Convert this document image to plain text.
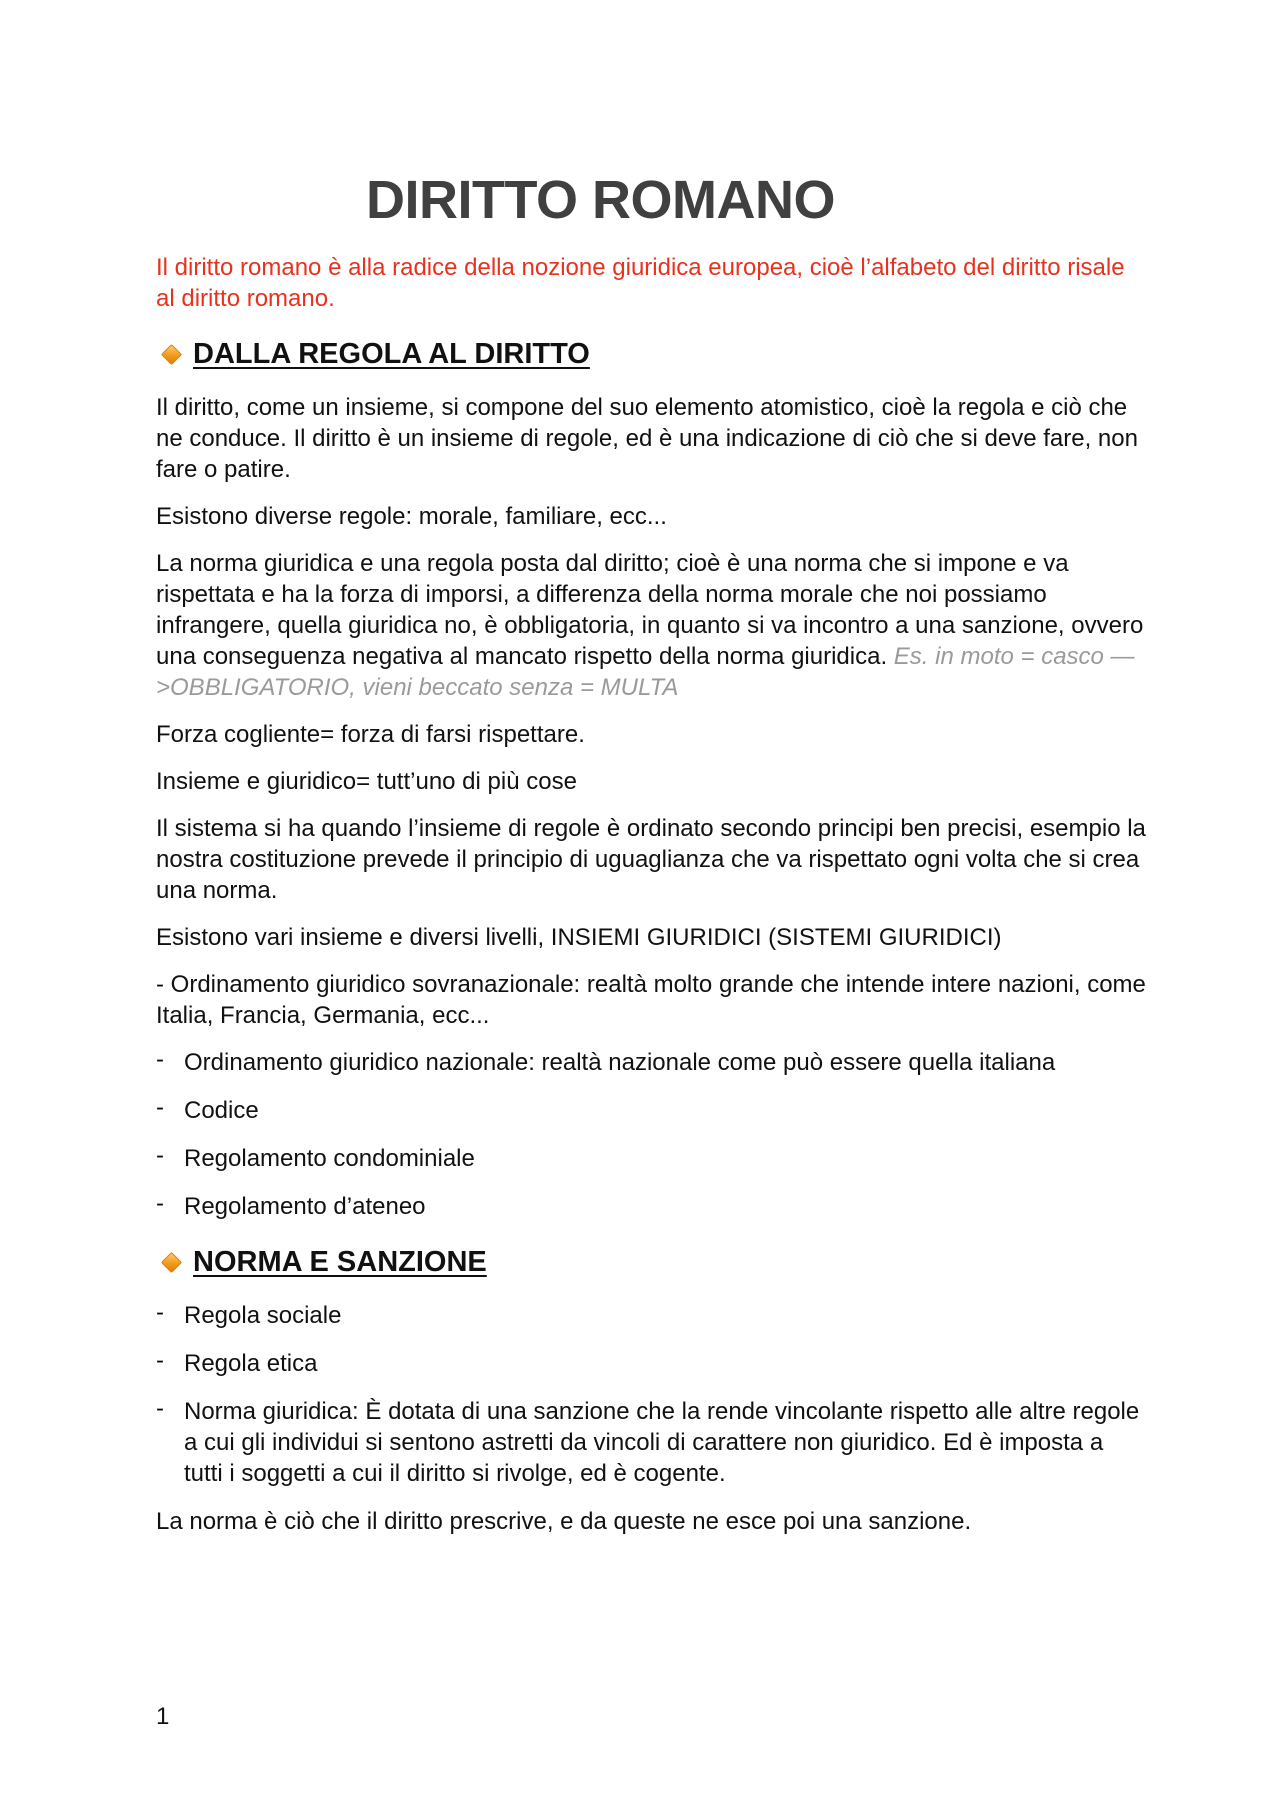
DIRITTO ROMANO

Il diritto romano è alla radice della nozione giuridica europea, cioè l’alfabeto del diritto risale al diritto romano.

DALLA REGOLA AL DIRITTO

Il diritto, come un insieme, si compone del suo elemento atomistico, cioè la regola e ciò che ne conduce. Il diritto è un insieme di regole, ed è una indicazione di ciò che si deve fare, non fare o patire.

Esistono diverse regole: morale, familiare, ecc...

La norma giuridica e una regola posta dal diritto; cioè è una norma che si impone e va rispettata e ha la forza di imporsi, a differenza della norma morale che noi possiamo infrangere, quella giuridica no, è obbligatoria, in quanto si va incontro a una sanzione, ovvero una conseguenza negativa al mancato rispetto della norma giuridica. Es. in moto = casco —>OBBLIGATORIO, vieni beccato senza = MULTA

Forza cogliente= forza di farsi rispettare.

Insieme e giuridico= tutt’uno di più cose

Il sistema si ha quando l’insieme di regole è ordinato secondo principi ben precisi, esempio la nostra costituzione prevede il principio di uguaglianza che va rispettato ogni volta che si crea una norma.

Esistono vari insieme e diversi livelli, INSIEMI GIURIDICI (SISTEMI GIURIDICI)

- Ordinamento giuridico sovranazionale: realtà molto grande che intende intere nazioni, come Italia, Francia, Germania, ecc...

- Ordinamento giuridico nazionale: realtà nazionale come può essere quella italiana
- Codice
- Regolamento condominiale
- Regolamento d’ateneo
NORMA E SANZIONE
- Regola sociale
- Regola etica
- Norma giuridica: È dotata di una sanzione che la rende vincolante rispetto alle altre regole a cui gli individui si sentono astretti da vincoli di carattere non giuridico. Ed è imposta a tutti i soggetti a cui il diritto si rivolge, ed è cogente.

La norma è ciò che il diritto prescrive, e da queste ne esce poi una sanzione.

1
